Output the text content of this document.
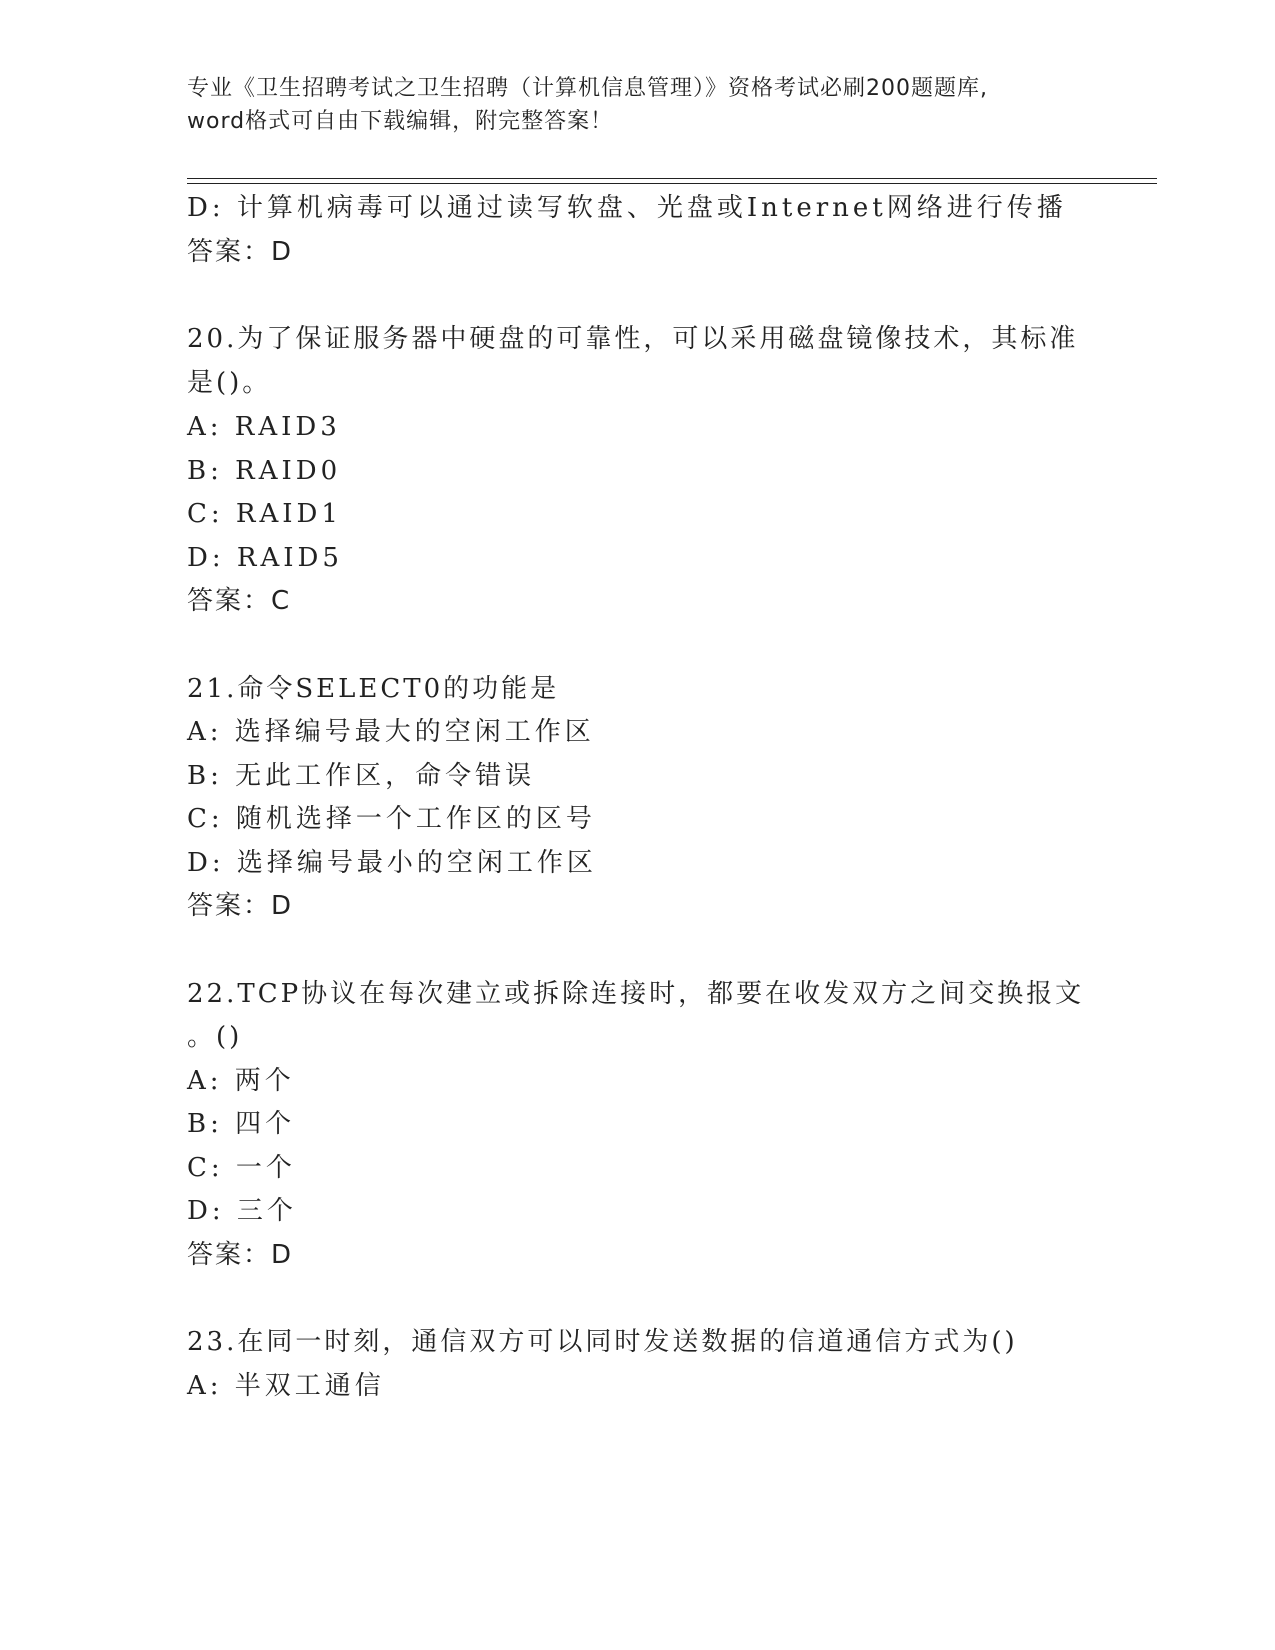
专业《卫生招聘考试之卫生招聘（计算机信息管理）》资格考试必刷200题题库,
word格式可自由下载编辑，附完整答案！
D: 计算机病毒可以通过读写软盘、光盘或Internet网络进行传播
答案：D
20.为了保证服务器中硬盘的可靠性，可以采用磁盘镜像技术，其标准
是()。
A: RAID3
B: RAID0
C: RAID1
D: RAID5
答案：C
21.命令SELECT0的功能是
A: 选择编号最大的空闲工作区
B: 无此工作区，命令错误
C: 随机选择一个工作区的区号
D: 选择编号最小的空闲工作区
答案：D
22.TCP协议在每次建立或拆除连接时，都要在收发双方之间交换报文
。()
A: 两个
B: 四个
C: 一个
D: 三个
答案：D
23.在同一时刻，通信双方可以同时发送数据的信道通信方式为()
A: 半双工通信
